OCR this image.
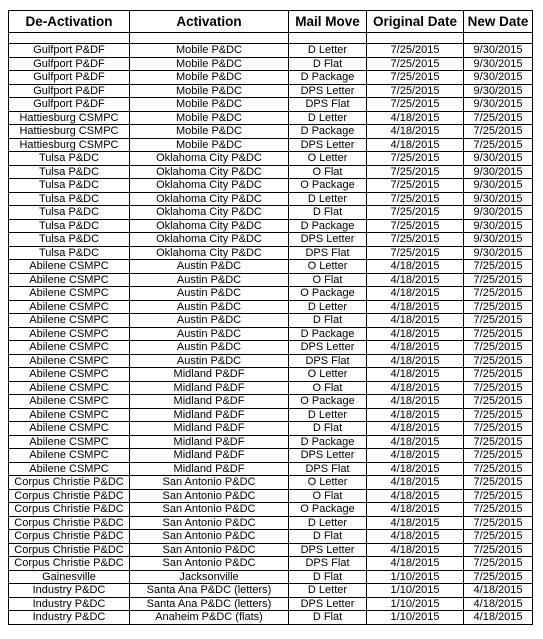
De-Activation	Activation	Mail Move	Original Date	New Date

Gulfport P&DF	Mobile P&DC	D Letter	7/25/2015	9/30/2015
Gulfport P&DF	Mobile P&DC	D Flat	7/25/2015	9/30/2015
Gulfport P&DF	Mobile P&DC	D Package	7/25/2015	9/30/2015
Gulfport P&DF	Mobile P&DC	DPS Letter	7/25/2015	9/30/2015
Gulfport P&DF	Mobile P&DC	DPS Flat	7/25/2015	9/30/2015
Hattiesburg CSMPC	Mobile P&DC	D Letter	4/18/2015	7/25/2015
Hattiesburg CSMPC	Mobile P&DC	D Package	4/18/2015	7/25/2015
Hattiesburg CSMPC	Mobile P&DC	DPS Letter	4/18/2015	7/25/2015
Tulsa P&DC	Oklahoma City P&DC	O Letter	7/25/2015	9/30/2015
Tulsa P&DC	Oklahoma City P&DC	O Flat	7/25/2015	9/30/2015
Tulsa P&DC	Oklahoma City P&DC	O Package	7/25/2015	9/30/2015
Tulsa P&DC	Oklahoma City P&DC	D Letter	7/25/2015	9/30/2015
Tulsa P&DC	Oklahoma City P&DC	D Flat	7/25/2015	9/30/2015
Tulsa P&DC	Oklahoma City P&DC	D Package	7/25/2015	9/30/2015
Tulsa P&DC	Oklahoma City P&DC	DPS Letter	7/25/2015	9/30/2015
Tulsa P&DC	Oklahoma City P&DC	DPS Flat	7/25/2015	9/30/2015
Abilene CSMPC	Austin P&DC	O Letter	4/18/2015	7/25/2015
Abilene CSMPC	Austin P&DC	O Flat	4/18/2015	7/25/2015
Abilene CSMPC	Austin P&DC	O Package	4/18/2015	7/25/2015
Abilene CSMPC	Austin P&DC	D Letter	4/18/2015	7/25/2015
Abilene CSMPC	Austin P&DC	D Flat	4/18/2015	7/25/2015
Abilene CSMPC	Austin P&DC	D Package	4/18/2015	7/25/2015
Abilene CSMPC	Austin P&DC	DPS Letter	4/18/2015	7/25/2015
Abilene CSMPC	Austin P&DC	DPS Flat	4/18/2015	7/25/2015
Abilene CSMPC	Midland P&DF	O Letter	4/18/2015	7/25/2015
Abilene CSMPC	Midland P&DF	O Flat	4/18/2015	7/25/2015
Abilene CSMPC	Midland P&DF	O Package	4/18/2015	7/25/2015
Abilene CSMPC	Midland P&DF	D Letter	4/18/2015	7/25/2015
Abilene CSMPC	Midland P&DF	D Flat	4/18/2015	7/25/2015
Abilene CSMPC	Midland P&DF	D Package	4/18/2015	7/25/2015
Abilene CSMPC	Midland P&DF	DPS Letter	4/18/2015	7/25/2015
Abilene CSMPC	Midland P&DF	DPS Flat	4/18/2015	7/25/2015
Corpus Christie P&DC	San Antonio P&DC	O Letter	4/18/2015	7/25/2015
Corpus Christie P&DC	San Antonio P&DC	O Flat	4/18/2015	7/25/2015
Corpus Christie P&DC	San Antonio P&DC	O Package	4/18/2015	7/25/2015
Corpus Christie P&DC	San Antonio P&DC	D Letter	4/18/2015	7/25/2015
Corpus Christie P&DC	San Antonio P&DC	D Flat	4/18/2015	7/25/2015
Corpus Christie P&DC	San Antonio P&DC	DPS Letter	4/18/2015	7/25/2015
Corpus Christie P&DC	San Antonio P&DC	DPS Flat	4/18/2015	7/25/2015
Gainesville	Jacksonville	D Flat	1/10/2015	7/25/2015
Industry P&DC	Santa Ana P&DC (letters)	D Letter	1/10/2015	4/18/2015
Industry P&DC	Santa Ana P&DC (letters)	DPS Letter	1/10/2015	4/18/2015
Industry P&DC	Anaheim P&DC (flats)	D Flat	1/10/2015	4/18/2015
